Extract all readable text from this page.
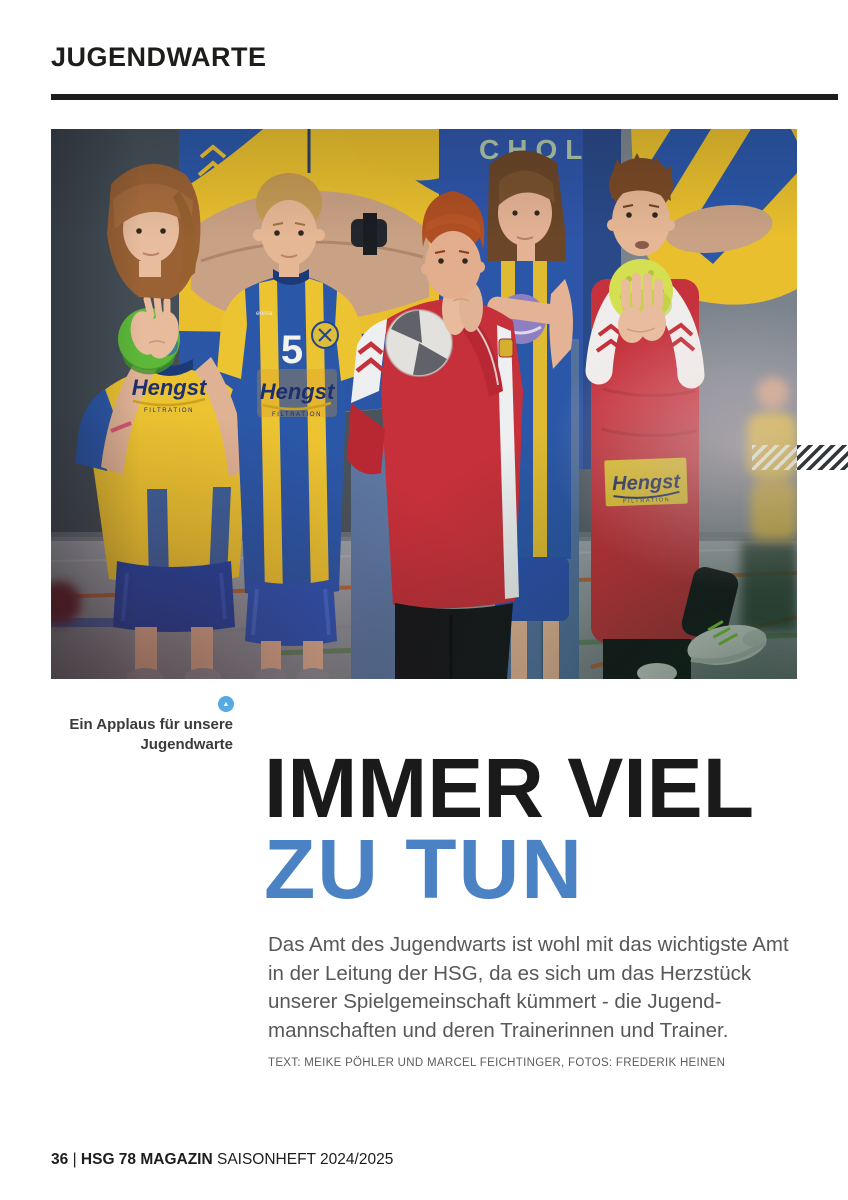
JUGENDWARTE
▲
Ein Applaus für unsere
Jugendwarte IMMER VIEL
ZU TUN
Das Amt des Jugendwarts ist wohl mit das wichtigste Amt
in der Leitung der HSG, da es sich um das Herzstück
unserer Spielgemeinschaft kümmert - die Jugend-
mannschaften und deren Trainerinnen und Trainer.
TEXT: MEIKE PÖHLER UND MARCEL FEICHTINGER, FOTOS: FREDERIK HEINEN
36 | HSG 78 MAGAZIN SAISONHEFT 2024/2025
